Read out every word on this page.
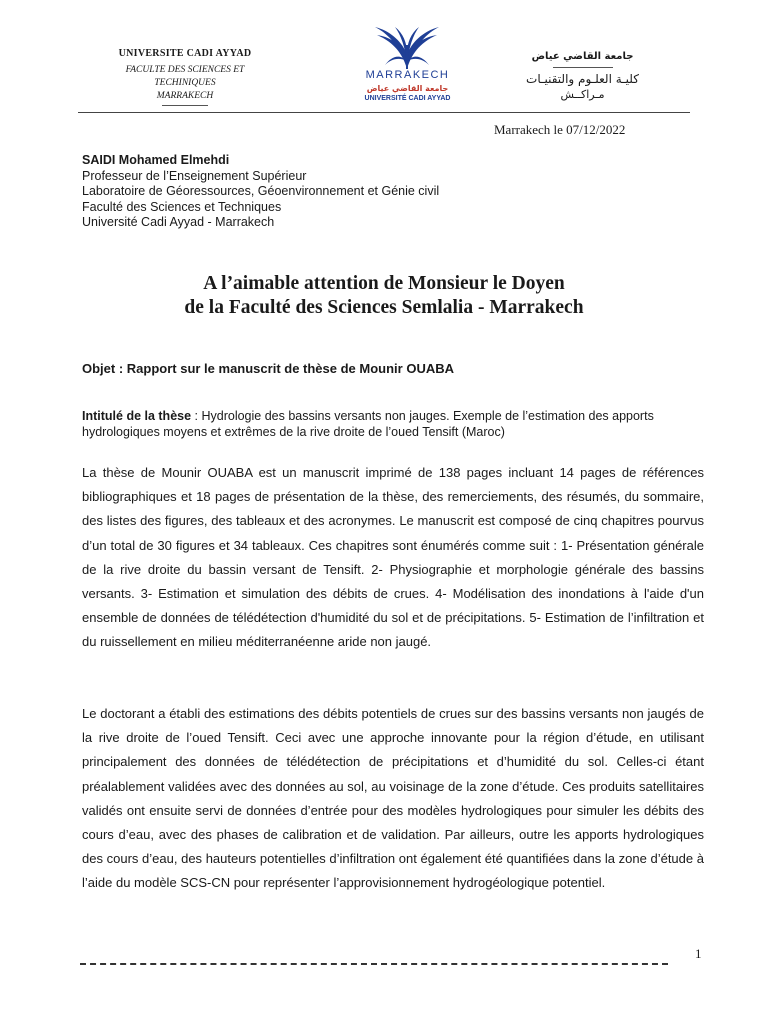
UNIVERSITE CADI AYYAD
FACULTE DES SCIENCES ET TECHINIQUES
MARRAKECH
MARRAKECH
جامعة القاضي عياض
UNIVERSITÉ CADI AYYAD
جامعة القاضي عياض
كليـة العلـوم والتقنيـات
مـراكــش
Marrakech le 07/12/2022
SAIDI Mohamed Elmehdi
Professeur de l’Enseignement Supérieur
Laboratoire de Géoressources, Géoenvironnement et Génie civil
Faculté des Sciences et Techniques
Université Cadi Ayyad - Marrakech
A l’aimable attention de Monsieur le Doyen
de la Faculté des Sciences Semlalia - Marrakech
Objet : Rapport sur le manuscrit de thèse de Mounir OUABA
Intitulé de la thèse : Hydrologie des bassins versants non jauges. Exemple de l’estimation des apports hydrologiques moyens et extrêmes de la rive droite de l’oued Tensift (Maroc)
La thèse de Mounir OUABA est un manuscrit imprimé de 138 pages incluant 14 pages de références bibliographiques et 18 pages de présentation de la thèse, des remerciements, des résumés, du sommaire, des listes des figures, des tableaux et des acronymes. Le manuscrit est composé de cinq chapitres pourvus d’un total de 30 figures et 34 tableaux. Ces chapitres sont énumérés comme suit : 1- Présentation générale de la rive droite du bassin versant de Tensift. 2- Physiographie et morphologie générale des bassins versants. 3- Estimation et simulation des débits de crues. 4- Modélisation des inondations à l'aide d'un ensemble de données de télédétection d'humidité du sol et de précipitations. 5- Estimation de l’infiltration et du ruissellement en milieu méditerranéenne aride non jaugé.
Le doctorant a établi des estimations des débits potentiels de crues sur des bassins versants non jaugés de la rive droite de l’oued Tensift. Ceci avec une approche innovante pour la région d’étude, en utilisant principalement des données de télédétection de précipitations et d’humidité du sol. Celles-ci étant préalablement validées avec des données au sol, au voisinage de la zone d’étude. Ces produits satellitaires validés ont ensuite servi de données d’entrée pour des modèles hydrologiques pour simuler les débits des cours d’eau, avec des phases de calibration et de validation. Par ailleurs, outre les apports hydrologiques des cours d’eau, des hauteurs potentielles d’infiltration ont également été quantifiées dans la zone d’étude à l’aide du modèle SCS-CN pour représenter l’approvisionnement hydrogéologique potentiel.
1
